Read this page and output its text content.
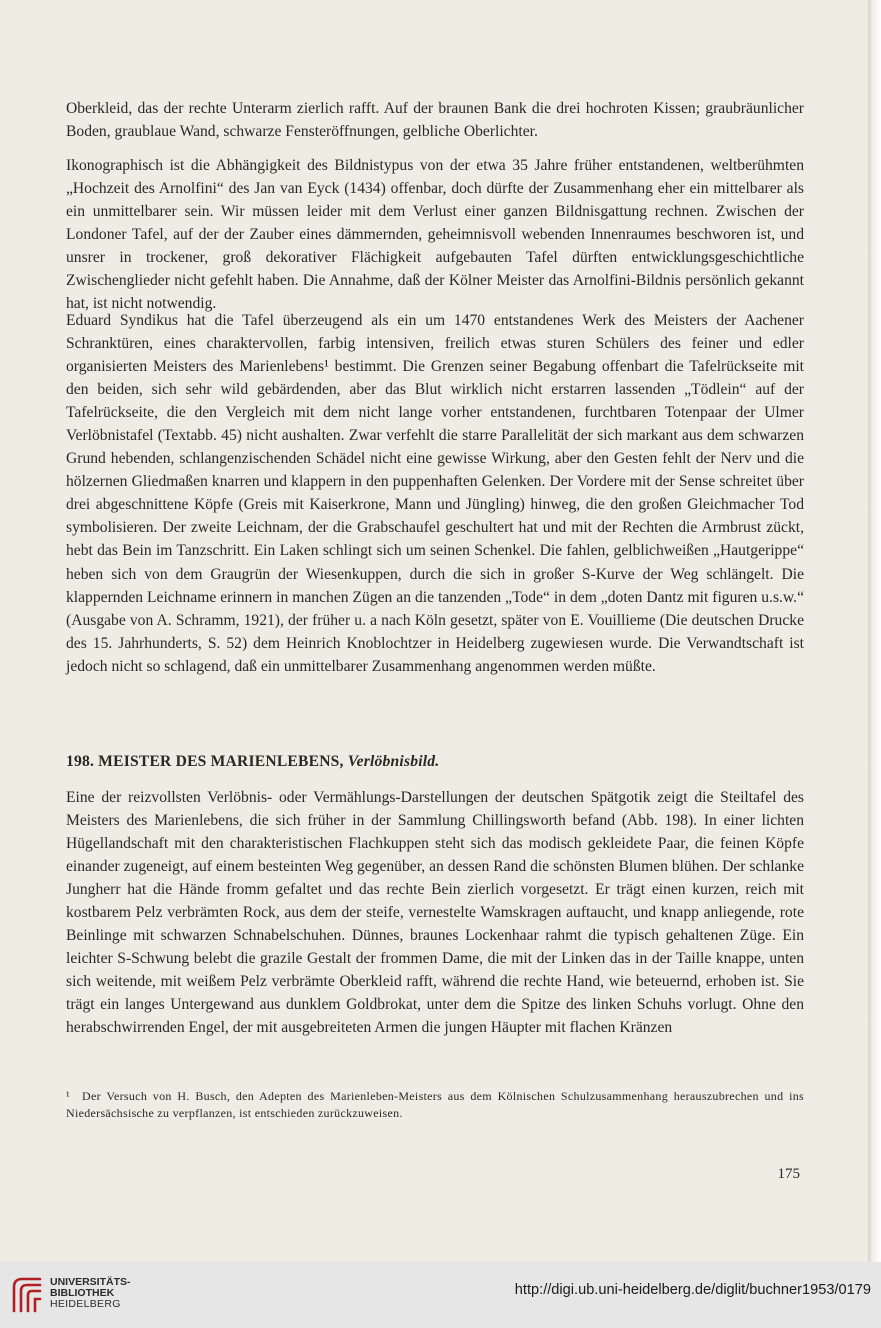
Oberkleid, das der rechte Unterarm zierlich rafft. Auf der braunen Bank die drei hochroten Kissen; graubräunlicher Boden, graublaue Wand, schwarze Fensteröffnungen, gelbliche Oberlichter.

Ikonographisch ist die Abhängigkeit des Bildnistypus von der etwa 35 Jahre früher entstandenen, weltberühmten „Hochzeit des Arnolfini“ des Jan van Eyck (1434) offenbar, doch dürfte der Zusammenhang eher ein mittelbarer als ein unmittelbarer sein. Wir müssen leider mit dem Verlust einer ganzen Bildnisgattung rechnen. Zwischen der Londoner Tafel, auf der der Zauber eines dämmernden, geheimnisvoll webenden Innenraumes beschworen ist, und unsrer in trockener, groß dekorativer Flächigkeit aufgebauten Tafel dürften entwicklungsgeschichtliche Zwischenglieder nicht gefehlt haben. Die Annahme, daß der Kölner Meister das Arnolfini-Bildnis persönlich gekannt hat, ist nicht notwendig.

Eduard Syndikus hat die Tafel überzeugend als ein um 1470 entstandenes Werk des Meisters der Aachener Schranktüren, eines charaktervollen, farbig intensiven, freilich etwas sturen Schülers des feiner und edler organisierten Meisters des Marienlebens¹ bestimmt. Die Grenzen seiner Begabung offenbart die Tafelrückseite mit den beiden, sich sehr wild gebärdenden, aber das Blut wirklich nicht erstarren lassenden „Tödlein“ auf der Tafelrückseite, die den Vergleich mit dem nicht lange vorher entstandenen, furchtbaren Totenpaar der Ulmer Verlöbnistafel (Textabb. 45) nicht aushalten. Zwar verfehlt die starre Parallelität der sich markant aus dem schwarzen Grund hebenden, schlangenzischenden Schädel nicht eine gewisse Wirkung, aber den Gesten fehlt der Nerv und die hölzernen Gliedmaßen knarren und klappern in den puppenhaften Gelenken. Der Vordere mit der Sense schreitet über drei abgeschnittene Köpfe (Greis mit Kaiserkrone, Mann und Jüngling) hinweg, die den großen Gleichmacher Tod symbolisieren. Der zweite Leichnam, der die Grabschaufel geschultert hat und mit der Rechten die Armbrust zückt, hebt das Bein im Tanzschritt. Ein Laken schlingt sich um seinen Schenkel. Die fahlen, gelblichweißen „Hautgerippe“ heben sich von dem Graugrün der Wiesenkuppen, durch die sich in großer S-Kurve der Weg schlängelt. Die klappernden Leichname erinnern in manchen Zügen an die tanzenden „Tode“ in dem „doten Dantz mit figuren u.s.w.“ (Ausgabe von A. Schramm, 1921), der früher u. a nach Köln gesetzt, später von E. Vouillieme (Die deutschen Drucke des 15. Jahrhunderts, S. 52) dem Heinrich Knoblochtzer in Heidelberg zugewiesen wurde. Die Verwandtschaft ist jedoch nicht so schlagend, daß ein unmittelbarer Zusammenhang angenommen werden müßte.

198. MEISTER DES MARIENLEBENS, Verlöbnisbild.

Eine der reizvollsten Verlöbnis- oder Vermählungs-Darstellungen der deutschen Spätgotik zeigt die Steiltafel des Meisters des Marienlebens, die sich früher in der Sammlung Chillingsworth befand (Abb. 198). In einer lichten Hügellandschaft mit den charakteristischen Flachkuppen steht sich das modisch gekleidete Paar, die feinen Köpfe einander zugeneigt, auf einem besteinten Weg gegenüber, an dessen Rand die schönsten Blumen blühen. Der schlanke Jungherr hat die Hände fromm gefaltet und das rechte Bein zierlich vorgesetzt. Er trägt einen kurzen, reich mit kostbarem Pelz verbrämten Rock, aus dem der steife, vernestelte Wamskragen auftaucht, und knapp anliegende, rote Beinlinge mit schwarzen Schnabelschuhen. Dünnes, braunes Lockenhaar rahmt die typisch gehaltenen Züge. Ein leichter S-Schwung belebt die grazile Gestalt der frommen Dame, die mit der Linken das in der Taille knappe, unten sich weitende, mit weißem Pelz verbrämte Oberkleid rafft, während die rechte Hand, wie beteuernd, erhoben ist. Sie trägt ein langes Untergewand aus dunklem Goldbrokat, unter dem die Spitze des linken Schuhs vorlugt. Ohne den herabschwirrenden Engel, der mit ausgebreiteten Armen die jungen Häupter mit flachen Kränzen

¹ Der Versuch von H. Busch, den Adepten des Marienleben-Meisters aus dem Kölnischen Schulzusammenhang herauszubrechen und ins Niedersächsische zu verpflanzen, ist entschieden zurückzuweisen.

175

UNIVERSITÄTS-
BIBLIOTHEK
HEIDELBERG

http://digi.ub.uni-heidelberg.de/diglit/buchner1953/0179
